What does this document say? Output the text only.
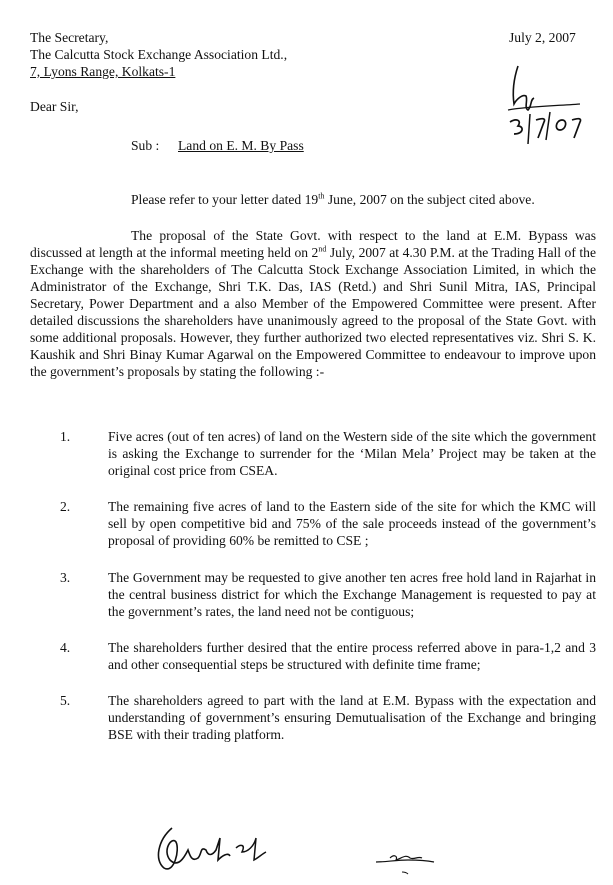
The Secretary,	July 2, 2007
The Calcutta Stock Exchange Association Ltd.,
7, Lyons Range, Kolkats-1
Dear Sir,
Sub : Land on E. M. By Pass
Please refer to your letter dated 19th June, 2007 on the subject cited above.
The proposal of the State Govt. with respect to the land at E.M. Bypass was discussed at length at the informal meeting held on 2nd July, 2007 at 4.30 P.M. at the Trading Hall of the Exchange with the shareholders of The Calcutta Stock Exchange Association Limited, in which the Administrator of the Exchange, Shri T.K. Das, IAS (Retd.) and Shri Sunil Mitra, IAS, Principal Secretary, Power Department and a also Member of the Empowered Committee were present. After detailed discussions the shareholders have unanimously agreed to the proposal of the State Govt. with some additional proposals. However, they further authorized two elected representatives viz. Shri S. K. Kaushik and Shri Binay Kumar Agarwal on the Empowered Committee to endeavour to improve upon the government’s proposals by stating the following :-
1.	Five acres (out of ten acres) of land on the Western side of the site which the government is asking the Exchange to surrender for the ‘Milan Mela’ Project may be taken at the original cost price from CSEA.
2.	The remaining five acres of land to the Eastern side of the site for which the KMC will sell by open competitive bid and 75% of the sale proceeds instead of the government’s proposal of providing 60% be remitted to CSE ;
3.	The Government may be requested to give another ten acres free hold land in Rajarhat in the central business district for which the Exchange Management is requested to pay at the government’s rates, the land need not be contiguous;
4.	The shareholders further desired that the entire process referred above in para-1,2 and 3 and other consequential steps be structured with definite time frame;
5.	The shareholders agreed to part with the land at E.M. Bypass with the expectation and understanding of government’s ensuring Demutualisation of the Exchange and bringing BSE with their trading platform.
